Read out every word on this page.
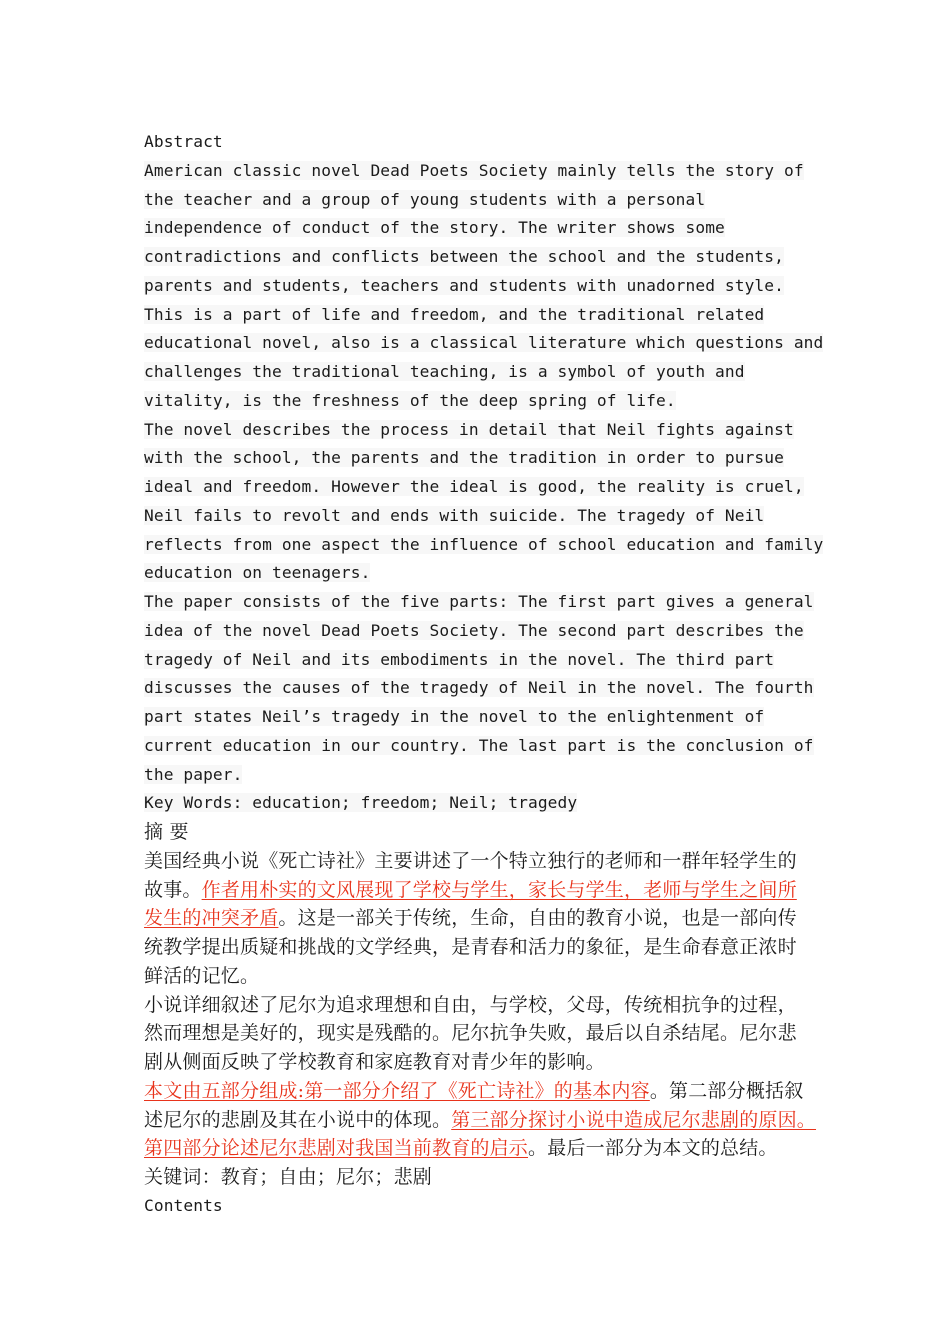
Abstract
American classic novel Dead Poets Society mainly tells the story of
the teacher and a group of young students with a personal
independence of conduct of the story. The writer shows some
contradictions and conflicts between the school and the students,
parents and students, teachers and students with unadorned style.
This is a part of life and freedom, and the traditional related
educational novel, also is a classical literature which questions and
challenges the traditional teaching, is a symbol of youth and
vitality, is the freshness of the deep spring of life.
The novel describes the process in detail that Neil fights against
with the school, the parents and the tradition in order to pursue
ideal and freedom. However the ideal is good, the reality is cruel,
Neil fails to revolt and ends with suicide. The tragedy of Neil
reflects from one aspect the influence of school education and family
education on teenagers.
The paper consists of the five parts: The first part gives a general
idea of the novel Dead Poets Society. The second part describes the
tragedy of Neil and its embodiments in the novel. The third part
discusses the causes of the tragedy of Neil in the novel. The fourth
part states Neil’s tragedy in the novel to the enlightenment of
current education in our country. The last part is the conclusion of
the paper.
Key Words: education; freedom; Neil; tragedy
摘 要
美国经典小说《死亡诗社》主要讲述了一个特立独行的老师和一群年轻学生的
故事。作者用朴实的文风展现了学校与学生，家长与学生，老师与学生之间所
发生的冲突矛盾。这是一部关于传统，生命，自由的教育小说，也是一部向传
统教学提出质疑和挑战的文学经典，是青春和活力的象征，是生命春意正浓时
鲜活的记忆。
小说详细叙述了尼尔为追求理想和自由，与学校，父母，传统相抗争的过程，
然而理想是美好的，现实是残酷的。尼尔抗争失败，最后以自杀结尾。尼尔悲
剧从侧面反映了学校教育和家庭教育对青少年的影响。
本文由五部分组成:第一部分介绍了《死亡诗社》的基本内容。第二部分概括叙
述尼尔的悲剧及其在小说中的体现。第三部分探讨小说中造成尼尔悲剧的原因。
第四部分论述尼尔悲剧对我国当前教育的启示。最后一部分为本文的总结。
关键词：教育；自由；尼尔；悲剧
Contents
